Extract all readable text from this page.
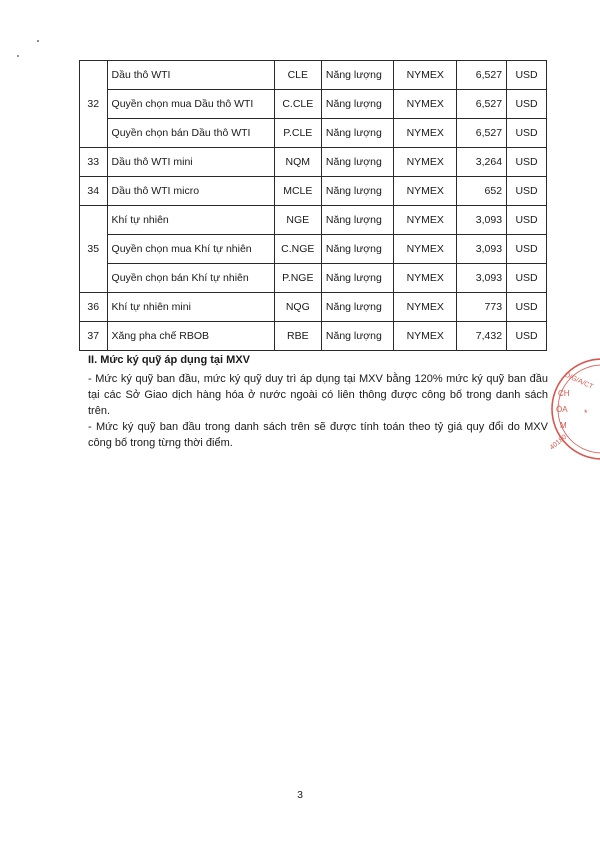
32	Dầu thô WTI	CLE	Năng lượng	NYMEX	6,527	USD
	Quyền chọn mua Dầu thô WTI	C.CLE	Năng lượng	NYMEX	6,527	USD
	Quyền chọn bán Dầu thô WTI	P.CLE	Năng lượng	NYMEX	6,527	USD
33	Dầu thô WTI mini	NQM	Năng lượng	NYMEX	3,264	USD
34	Dầu thô WTI micro	MCLE	Năng lượng	NYMEX	652	USD
35	Khí tự nhiên	NGE	Năng lượng	NYMEX	3,093	USD
	Quyền chọn mua Khí tự nhiên	C.NGE	Năng lượng	NYMEX	3,093	USD
	Quyền chọn bán Khí tự nhiên	P.NGE	Năng lượng	NYMEX	3,093	USD
36	Khí tự nhiên mini	NQG	Năng lượng	NYMEX	773	USD
37	Xăng pha chế RBOB	RBE	Năng lượng	NYMEX	7,432	USD
II. Mức ký quỹ áp dụng tại MXV

- Mức ký quỹ ban đầu, mức ký quỹ duy trì áp dụng tại MXV bằng 120% mức ký quỹ ban đầu tại các Sở Giao dịch hàng hóa ở nước ngoài có liên thông được công bố trong danh sách trên.

- Mức ký quỹ ban đầu trong danh sách trên sẽ được tính toán theo tỷ giá quy đổi do MXV công bố trong từng thời điểm.

Ô/G/A/CT
CH
ÓA
M
*
40180
3
